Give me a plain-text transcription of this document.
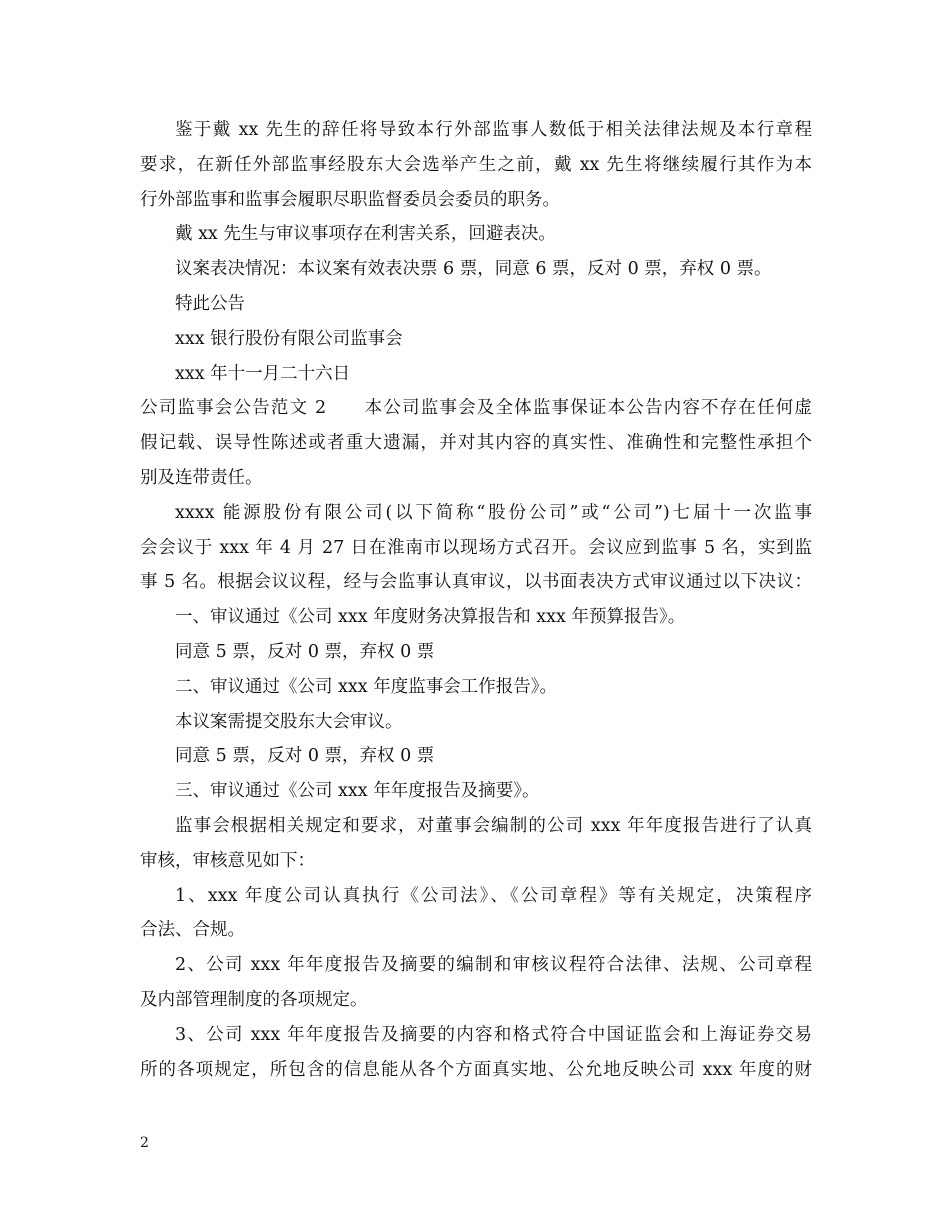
鉴于戴 xx 先生的辞任将导致本行外部监事人数低于相关法律法规及本行章程
要求，在新任外部监事经股东大会选举产生之前，戴 xx 先生将继续履行其作为本
行外部监事和监事会履职尽职监督委员会委员的职务。
戴 xx 先生与审议事项存在利害关系，回避表决。
议案表决情况：本议案有效表决票 6 票，同意 6 票，反对 0 票，弃权 0 票。
特此公告
xxx 银行股份有限公司监事会
xxx 年十一月二十六日
公司监事会公告范文 2　　本公司监事会及全体监事保证本公告内容不存在任何虚
假记载、误导性陈述或者重大遗漏，并对其内容的真实性、准确性和完整性承担个
别及连带责任。
xxxx 能源股份有限公司(以下简称“股份公司”或“公司”)七届十一次监事
会会议于 xxx 年 4 月 27 日在淮南市以现场方式召开。会议应到监事 5 名，实到监
事 5 名。根据会议议程，经与会监事认真审议，以书面表决方式审议通过以下决议：
一、审议通过《公司 xxx 年度财务决算报告和 xxx 年预算报告》。
同意 5 票，反对 0 票，弃权 0 票
二、审议通过《公司 xxx 年度监事会工作报告》。
本议案需提交股东大会审议。
同意 5 票，反对 0 票，弃权 0 票
三、审议通过《公司 xxx 年年度报告及摘要》。
监事会根据相关规定和要求，对董事会编制的公司 xxx 年年度报告进行了认真
审核，审核意见如下：
1、xxx 年度公司认真执行《公司法》、《公司章程》等有关规定，决策程序
合法、合规。
2、公司 xxx 年年度报告及摘要的编制和审核议程符合法律、法规、公司章程
及内部管理制度的各项规定。
3、公司 xxx 年年度报告及摘要的内容和格式符合中国证监会和上海证券交易
所的各项规定，所包含的信息能从各个方面真实地、公允地反映公司 xxx 年度的财
2
